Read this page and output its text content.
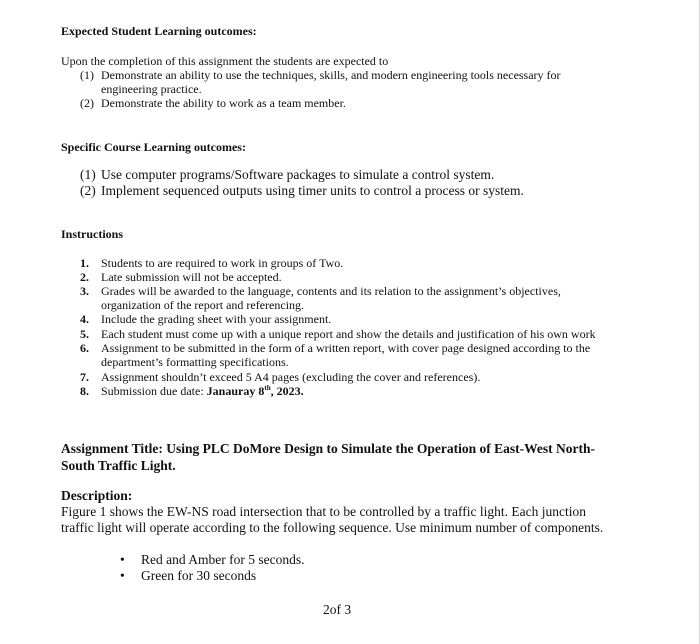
Expected Student Learning outcomes:
Upon the completion of this assignment the students are expected to
(1) Demonstrate an ability to use the techniques, skills, and modern engineering tools necessary for
engineering practice.
(2) Demonstrate the ability to work as a team member.
Specific Course Learning outcomes:
(1) Use computer programs/Software packages to simulate a control system.
(2) Implement sequenced outputs using timer units to control a process or system.
Instructions
1. Students to are required to work in groups of Two.
2. Late submission will not be accepted.
3. Grades will be awarded to the language, contents and its relation to the assignment’s objectives,
organization of the report and referencing.
4. Include the grading sheet with your assignment.
5. Each student must come up with a unique report and show the details and justification of his own work
6. Assignment to be submitted in the form of a written report, with cover page designed according to the
department’s formatting specifications.
7. Assignment shouldn’t exceed 5 A4 pages (excluding the cover and references).
8. Submission due date: Janauray 8th, 2023.
Assignment Title: Using PLC DoMore Design to Simulate the Operation of East-West North-
South Traffic Light.
Description:
Figure 1 shows the EW-NS road intersection that to be controlled by a traffic light. Each junction
traffic light will operate according to the following sequence. Use minimum number of components.
• Red and Amber for 5 seconds.
• Green for 30 seconds
2of 3
